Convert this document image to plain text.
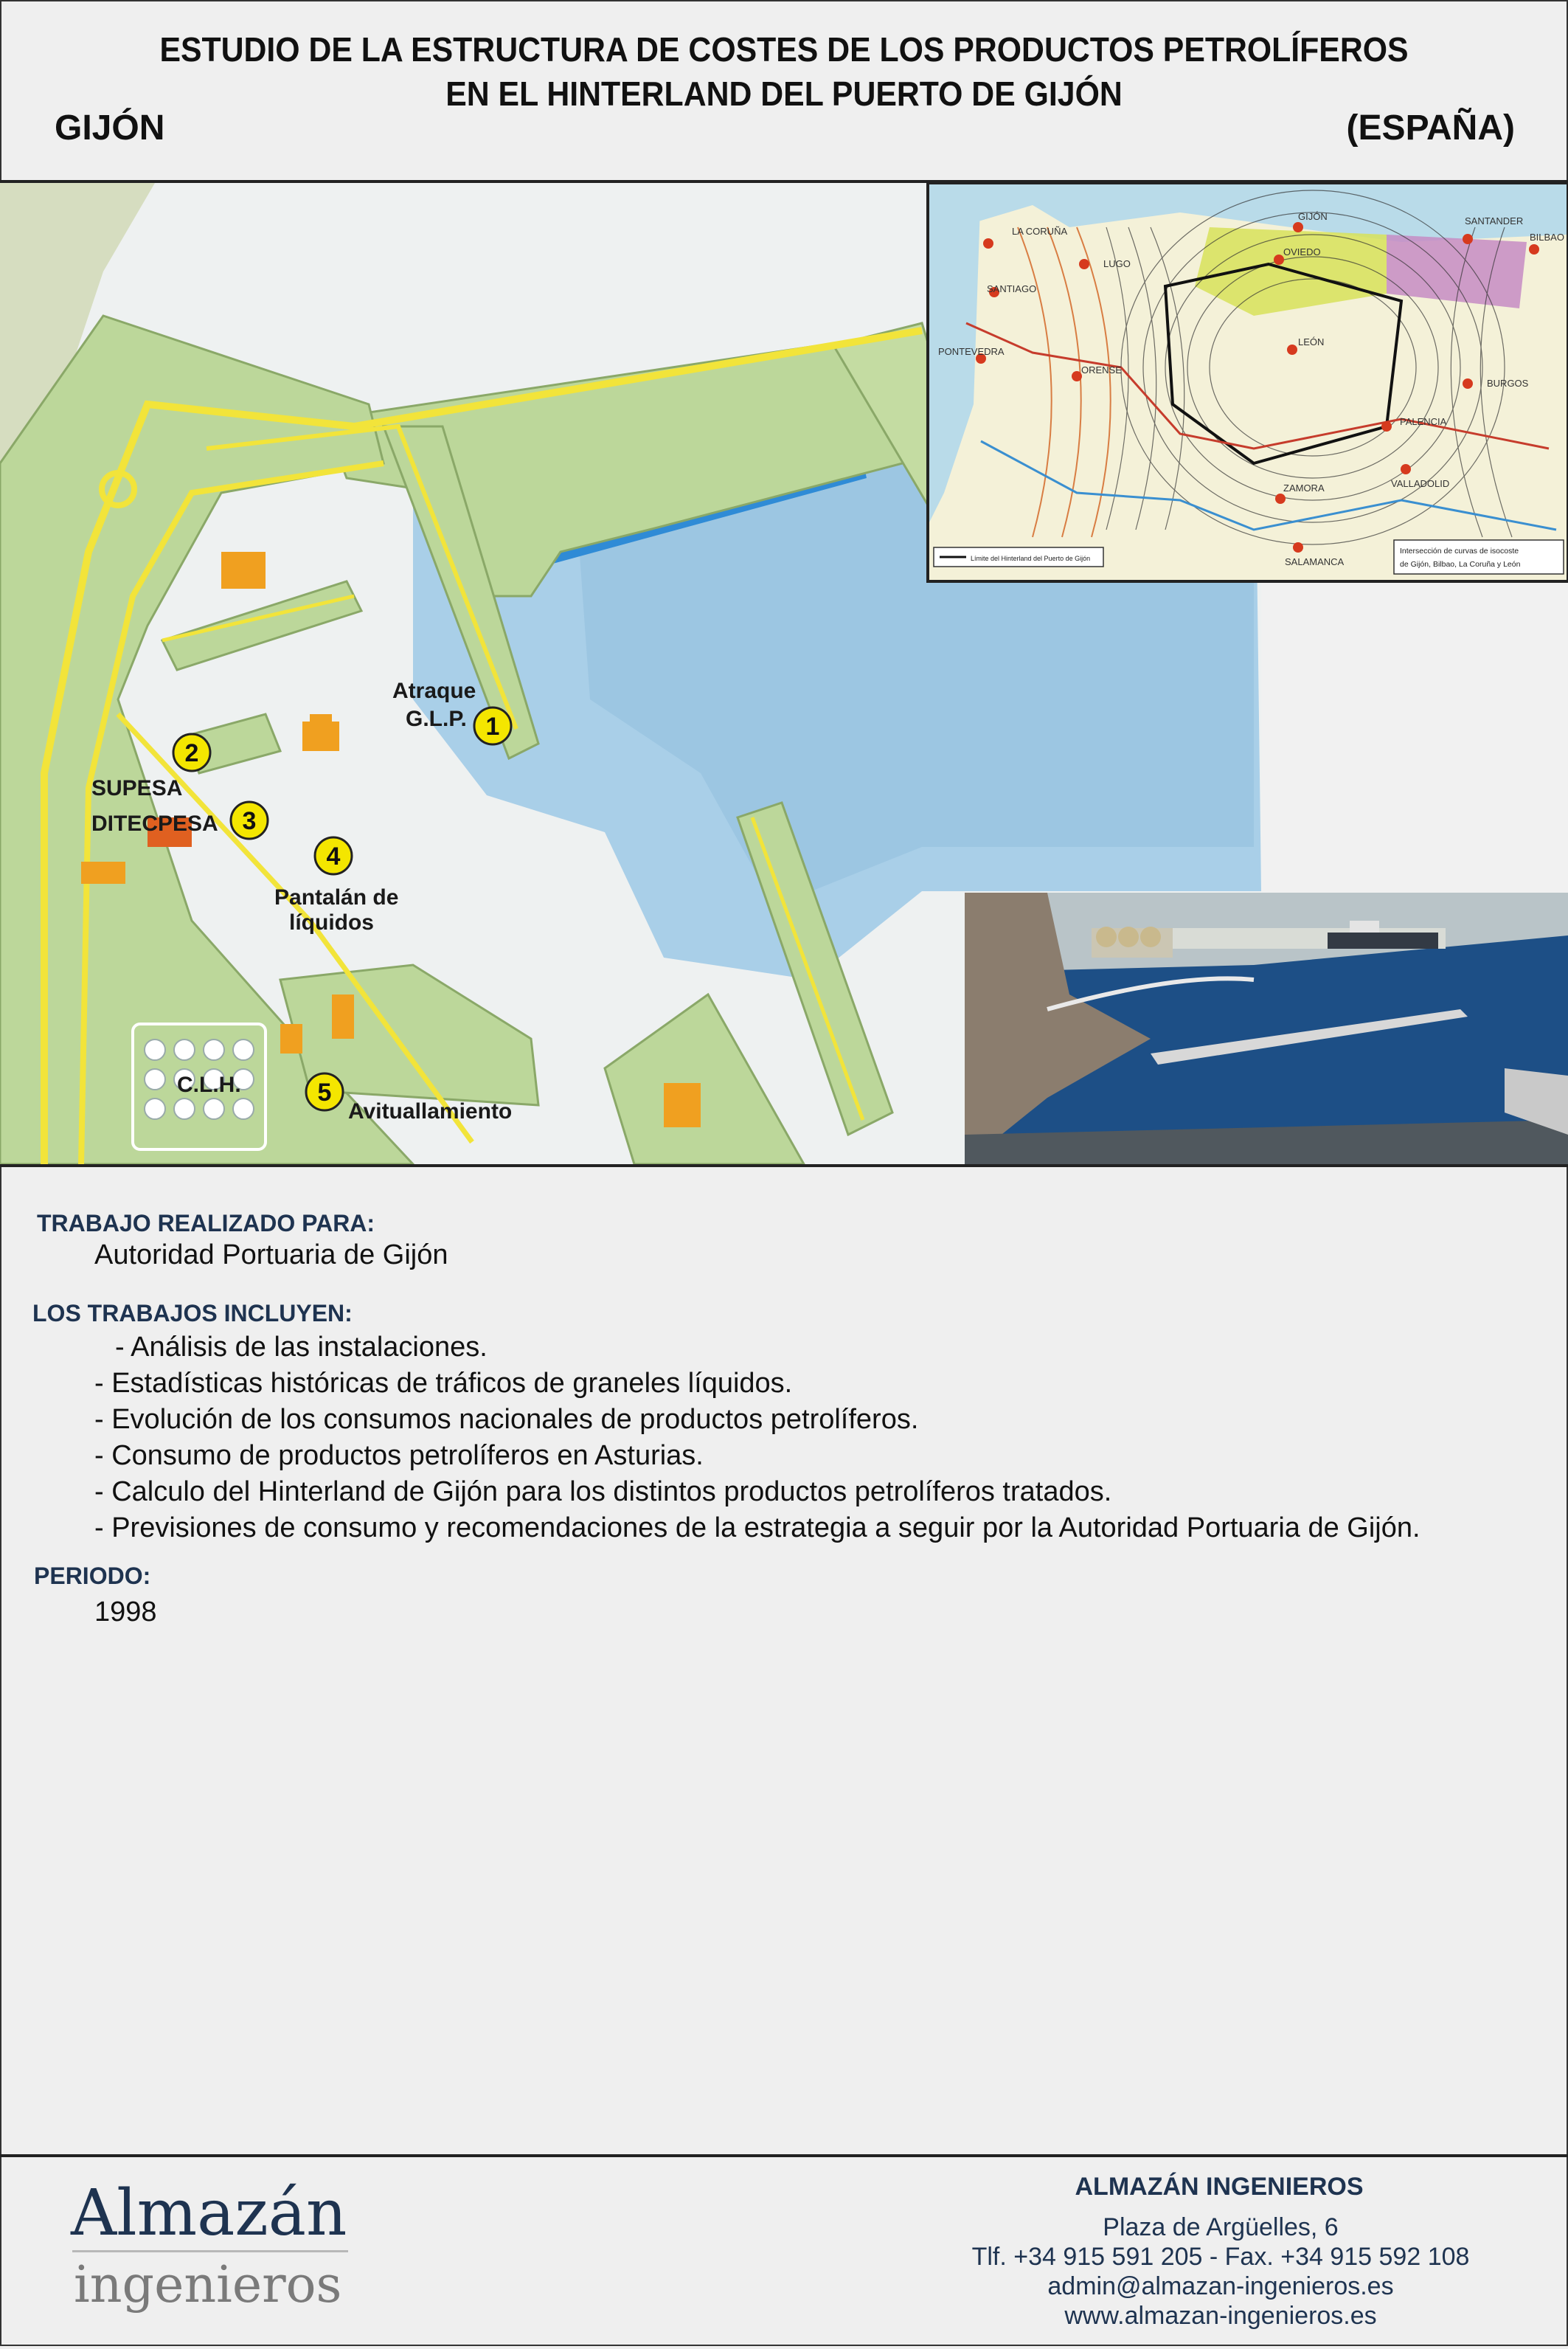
ESTUDIO DE LA ESTRUCTURA DE COSTES DE LOS PRODUCTOS PETROLÍFEROS
EN EL HINTERLAND DEL PUERTO DE GIJÓN
GIJÓN	(ESPAÑA)
Atraque
G.L.P.
SUPESA
DITECPESA
Pantalán de
líquidos
C.L.H.
Avituallamiento
1
2
3
4
5
LA CORUÑA
LUGO
SANTIAGO
PONTEVEDRA
ORENSE
GIJÓN
OVIEDO
SANTANDER
BILBAO
LEÓN
BURGOS
PALENCIA
VALLADOLID
ZAMORA
SALAMANCA
Límite del Hinterland del Puerto de Gijón
Intersección de curvas de isocoste
de Gijón, Bilbao, La Coruña y León
TRABAJO REALIZADO PARA:
Autoridad Portuaria de Gijón
LOS TRABAJOS INCLUYEN:
- Análisis de las instalaciones.
- Estadísticas históricas de tráficos de graneles líquidos.
- Evolución de los consumos nacionales de productos petrolíferos.
- Consumo de productos petrolíferos en Asturias.
- Calculo del Hinterland de Gijón para los distintos productos petrolíferos tratados.
- Previsiones de consumo y recomendaciones de la estrategia a seguir por la Autoridad Portuaria de Gijón.
PERIODO:
1998
Almazán
ingenieros
ALMAZÁN INGENIEROS
Plaza de Argüelles, 6
Tlf. +34 915 591 205 - Fax. +34 915 592 108
admin@almazan-ingenieros.es
www.almazan-ingenieros.es
